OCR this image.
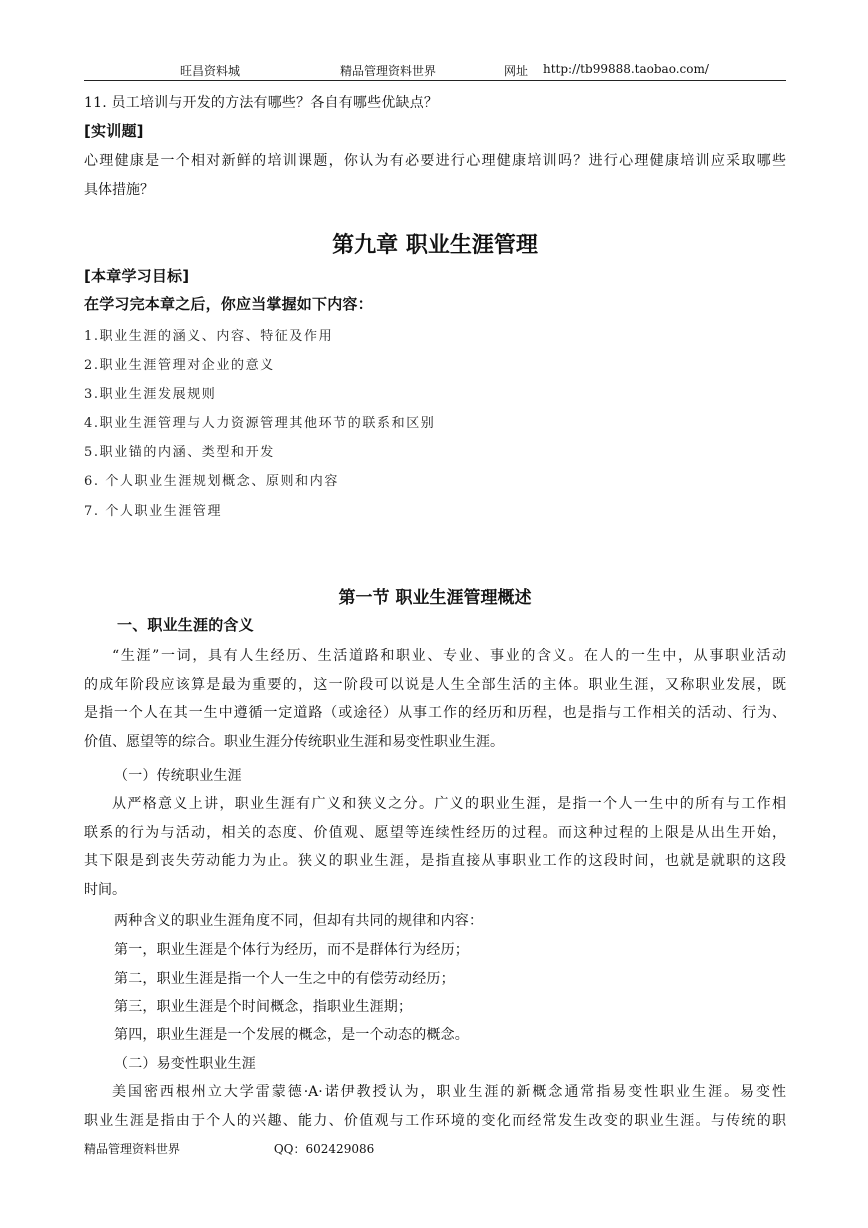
旺昌资料城	精品管理资料世界	网址 http://tb99888.taobao.com/
11. 员工培训与开发的方法有哪些？各自有哪些优缺点？
[实训题]
心理健康是一个相对新鲜的培训课题，你认为有必要进行心理健康培训吗？进行心理健康培训应采取哪些
具体措施？
第九章 职业生涯管理
[本章学习目标]
在学习完本章之后，你应当掌握如下内容：
1.职业生涯的涵义、内容、特征及作用
2.职业生涯管理对企业的意义
3.职业生涯发展规则
4.职业生涯管理与人力资源管理其他环节的联系和区别
5.职业锚的内涵、类型和开发
6. 个人职业生涯规划概念、原则和内容
7. 个人职业生涯管理
第一节 职业生涯管理概述
一、职业生涯的含义
“生涯”一词，具有人生经历、生活道路和职业、专业、事业的含义。在人的一生中，从事职业活动
的成年阶段应该算是最为重要的，这一阶段可以说是人生全部生活的主体。职业生涯，又称职业发展，既
是指一个人在其一生中遵循一定道路（或途径）从事工作的经历和历程，也是指与工作相关的活动、行为、
价值、愿望等的综合。职业生涯分传统职业生涯和易变性职业生涯。
（一）传统职业生涯
从严格意义上讲，职业生涯有广义和狭义之分。广义的职业生涯，是指一个人一生中的所有与工作相
联系的行为与活动，相关的态度、价值观、愿望等连续性经历的过程。而这种过程的上限是从出生开始，
其下限是到丧失劳动能力为止。狭义的职业生涯，是指直接从事职业工作的这段时间，也就是就职的这段
时间。
两种含义的职业生涯角度不同，但却有共同的规律和内容：
第一，职业生涯是个体行为经历，而不是群体行为经历；
第二，职业生涯是指一个人一生之中的有偿劳动经历；
第三，职业生涯是个时间概念，指职业生涯期；
第四，职业生涯是一个发展的概念，是一个动态的概念。
（二）易变性职业生涯
美国密西根州立大学雷蒙德·A·诺伊教授认为，职业生涯的新概念通常指易变性职业生涯。易变性
职业生涯是指由于个人的兴趣、能力、价值观与工作环境的变化而经常发生改变的职业生涯。与传统的职
精品管理资料世界	QQ：602429086
